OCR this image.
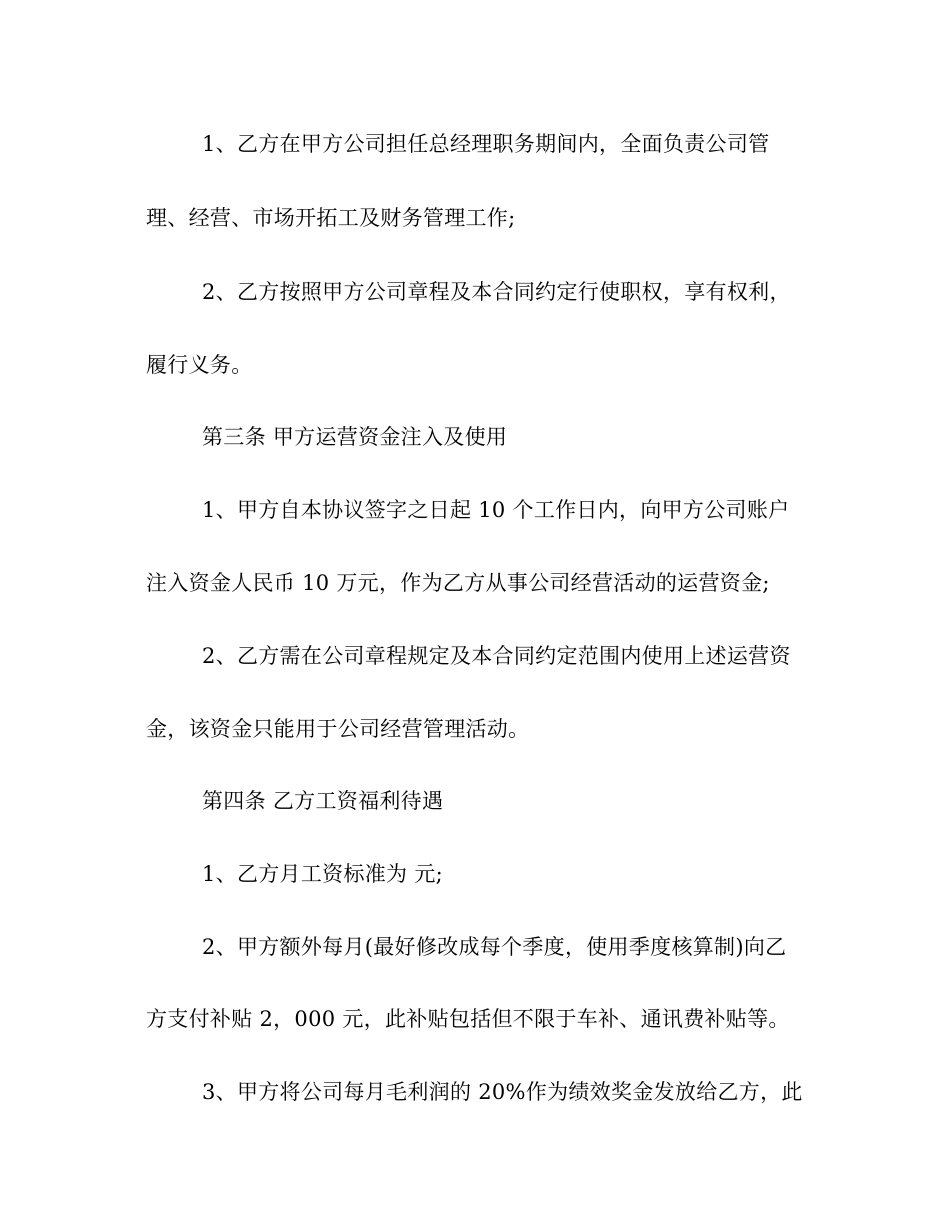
1、乙方在甲方公司担任总经理职务期间内，全面负责公司管
理、经营、市场开拓工及财务管理工作;
2、乙方按照甲方公司章程及本合同约定行使职权，享有权利，
履行义务。
第三条 甲方运营资金注入及使用
1、甲方自本协议签字之日起 10 个工作日内，向甲方公司账户
注入资金人民币 10 万元，作为乙方从事公司经营活动的运营资金;
2、乙方需在公司章程规定及本合同约定范围内使用上述运营资
金，该资金只能用于公司经营管理活动。
第四条 乙方工资福利待遇
1、乙方月工资标准为 元;
2、甲方额外每月(最好修改成每个季度，使用季度核算制)向乙
方支付补贴 2，000 元，此补贴包括但不限于车补、通讯费补贴等。
3、甲方将公司每月毛利润的 20%作为绩效奖金发放给乙方，此
